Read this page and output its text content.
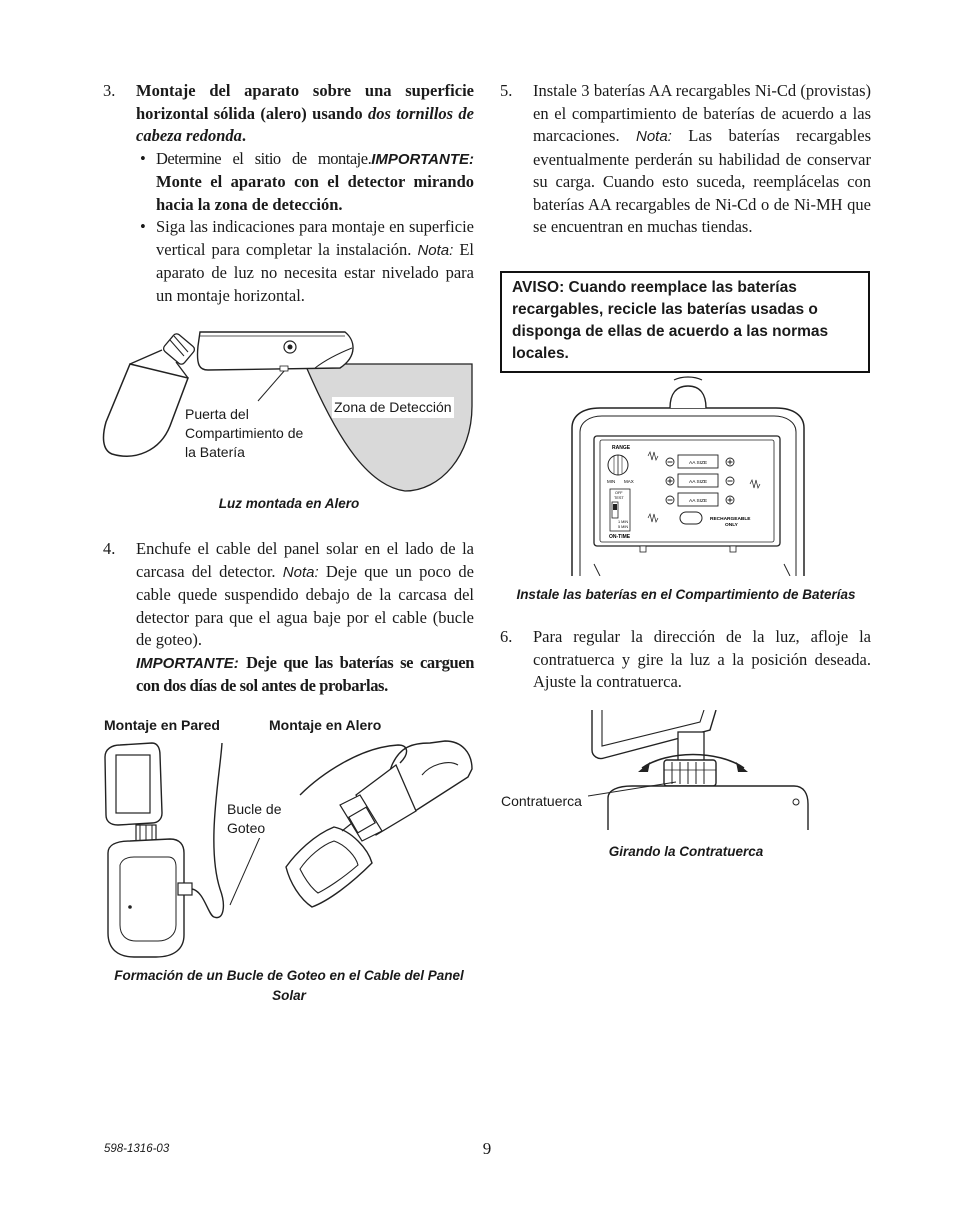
3. Montaje del aparato sobre una superficie horizontal sólida (alero) usando dos tornillos de cabeza redonda.
• Determine el sitio de montaje.IMPORTANTE: Monte el aparato con el detector mirando hacia la zona de detección.
• Siga las indicaciones para montaje en superficie vertical para completar la instalación. Nota: El aparato de luz no necesita estar nivelado para un montaje horizontal.
Puerta del Compartimiento de la Batería
Zona de Detección
Luz montada en Alero
4. Enchufe el cable del panel solar en el lado de la carcasa del detector. Nota: Deje que un poco de cable quede suspendido debajo de la carcasa del detector para que el agua baje por el cable (bucle de goteo).
IMPORTANTE: Deje que las baterías se carguen con dos días de sol antes de probarlas.
Montaje en Pared	Montaje en Alero
Bucle de Goteo
Formación de un Bucle de Goteo en el Cable del Panel Solar
5. Instale 3 baterías AA recargables Ni-Cd (provistas) en el compartimiento de baterías de acuerdo a las marcaciones. Nota: Las baterías recargables eventualmente perderán su habilidad de conservar su carga. Cuando esto suceda, reemplácelas con baterías AA recargables de Ni-Cd o de Ni-MH que se encuentran en muchas tiendas.
AVISO: Cuando reemplace las baterías recargables, recicle las baterías usadas o disponga de ellas de acuerdo a las normas locales.
RANGE
MIN MAX
OFF
TEST
1 MIN
5 MIN
ON-TIME
AA SIZE
AA SIZE
AA SIZE
RECHARGEABLE
ONLY
Instale las baterías en el Compartimiento de Baterías
6. Para regular la dirección de la luz, afloje la contratuerca y gire la luz a la posición deseada. Ajuste la contratuerca.
Contratuerca
Girando la Contratuerca
598-1316-03	9
